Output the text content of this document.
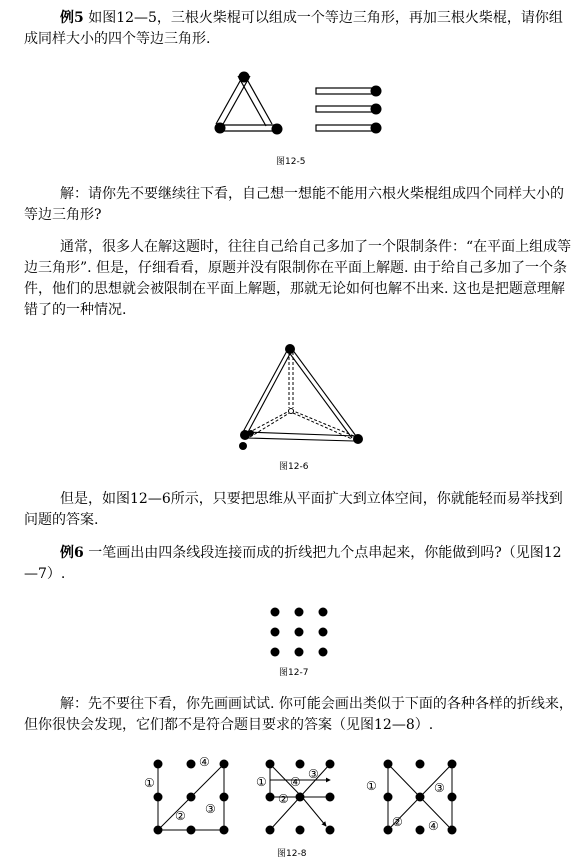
例5 如图12—5，三根火柴棍可以组成一个等边三角形，再加三根火柴棍，请你组成同样大小的四个等边三角形.

图12-5

解：请你先不要继续往下看，自己想一想能不能用六根火柴棍组成四个同样大小的等边三角形?

通常，很多人在解这题时，往往自己给自己多加了一个限制条件：“在平面上组成等边三角形”. 但是，仔细看看，原题并没有限制你在平面上解题. 由于给自己多加了一个条件，他们的思想就会被限制在平面上解题，那就无论如何也解不出来. 这也是把题意理解错了的一种情况.

图12-6

但是，如图12—6所示，只要把思维从平面扩大到立体空间，你就能轻而易举找到问题的答案.

例6 一笔画出由四条线段连接而成的折线把九个点串起来，你能做到吗?（见图12—7）.

图12-7

解：先不要往下看，你先画画试试. 你可能会画出类似于下面的各种各样的折线来，但你很快会发现，它们都不是符合题目要求的答案（见图12—8）.

①
② ③
④
①
②
③
④	①
②
③
④
图12-8
